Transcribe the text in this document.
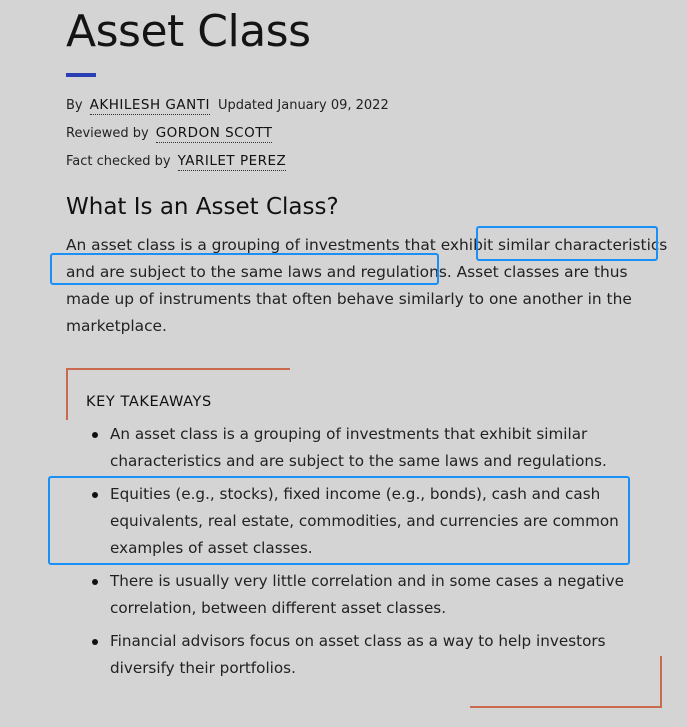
Asset Class
By AKHILESH GANTI Updated January 09, 2022
Reviewed by GORDON SCOTT
Fact checked by YARILET PEREZ
What Is an Asset Class?

An asset class is a grouping of investments that exhibit similar characteristics and are subject to the same laws and regulations. Asset classes are thus made up of instruments that often behave similarly to one another in the marketplace.

KEY TAKEAWAYS
An asset class is a grouping of investments that exhibit similar characteristics and are subject to the same laws and regulations.
Equities (e.g., stocks), fixed income (e.g., bonds), cash and cash equivalents, real estate, commodities, and currencies are common examples of asset classes.
There is usually very little correlation and in some cases a negative correlation, between different asset classes.
Financial advisors focus on asset class as a way to help investors diversify their portfolios.
